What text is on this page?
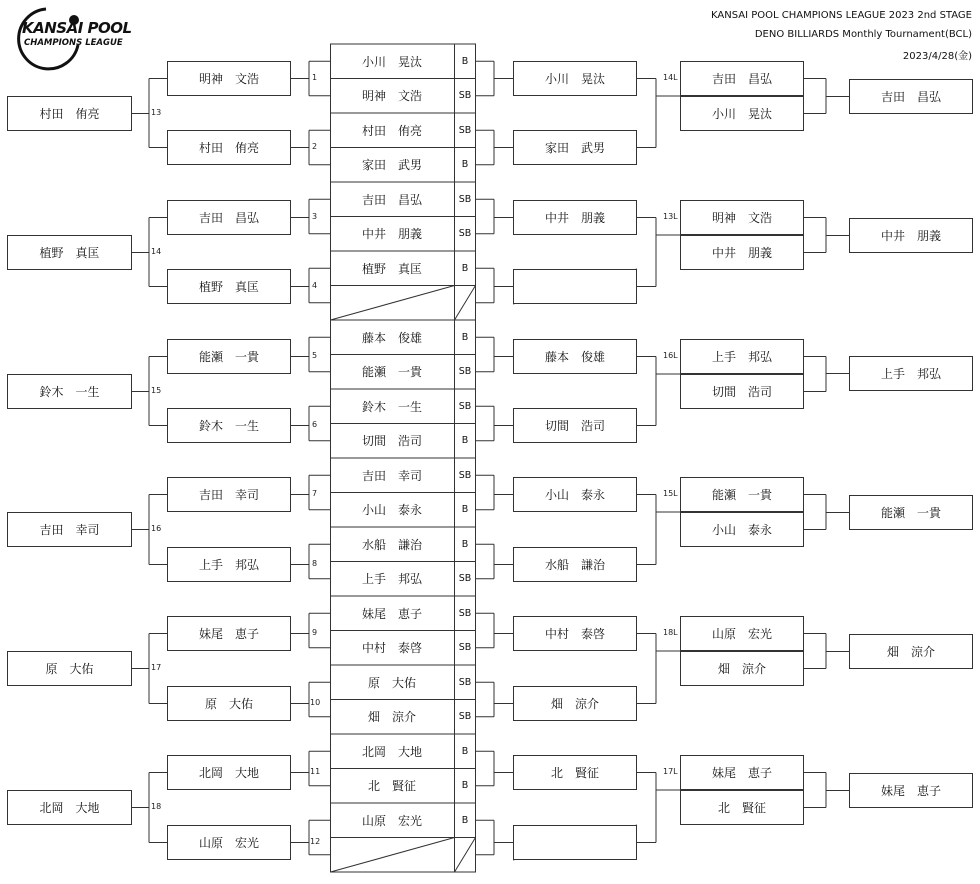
KANSAI POOL
CHAMPIONS LEAGUE
KANSAI POOL CHAMPIONS LEAGUE 2023 2nd STAGE
DENO BILLIARDS Monthly Tournament(BCL)
2023/4/28(金)
村田　侑亮
植野　真匡
鈴木　一生
吉田　幸司
原　大佑
北岡　大地
13
14
15
16
17
18
明神　文浩
村田　侑亮
吉田　昌弘
植野　真匡
能瀬　一貴
鈴木　一生
吉田　幸司
上手　邦弘
妹尾　恵子
原　大佑
北岡　大地
山原　宏光
1
2
3
4
5
6
7
8
9
10
11
12
小川　晃汰	B
明神　文浩	SB
村田　侑亮	SB
家田　武男	B
吉田　昌弘	SB
中井　朋義	SB
植野　真匡	B
藤本　俊雄	B
能瀬　一貴	SB
鈴木　一生	SB
切間　浩司	B
吉田　幸司	SB
小山　泰永	B
水船　謙治	B
上手　邦弘	SB
妹尾　恵子	SB
中村　泰啓	SB
原　大佑	SB
畑　涼介	SB
北岡　大地	B
北　賢征	B
山原　宏光	B
小川　晃汰
家田　武男
中井　朋義
藤本　俊雄
切間　浩司
小山　泰永
水船　謙治
中村　泰啓
畑　涼介
北　賢征
14L	吉田　昌弘
小川　晃汰
13L	明神　文浩
中井　朋義
16L	上手　邦弘
切間　浩司
15L	能瀬　一貴
小山　泰永
18L	山原　宏光
畑　涼介
17L	妹尾　恵子
北　賢征
吉田　昌弘
中井　朋義
上手　邦弘
能瀬　一貴
畑　涼介
妹尾　恵子
